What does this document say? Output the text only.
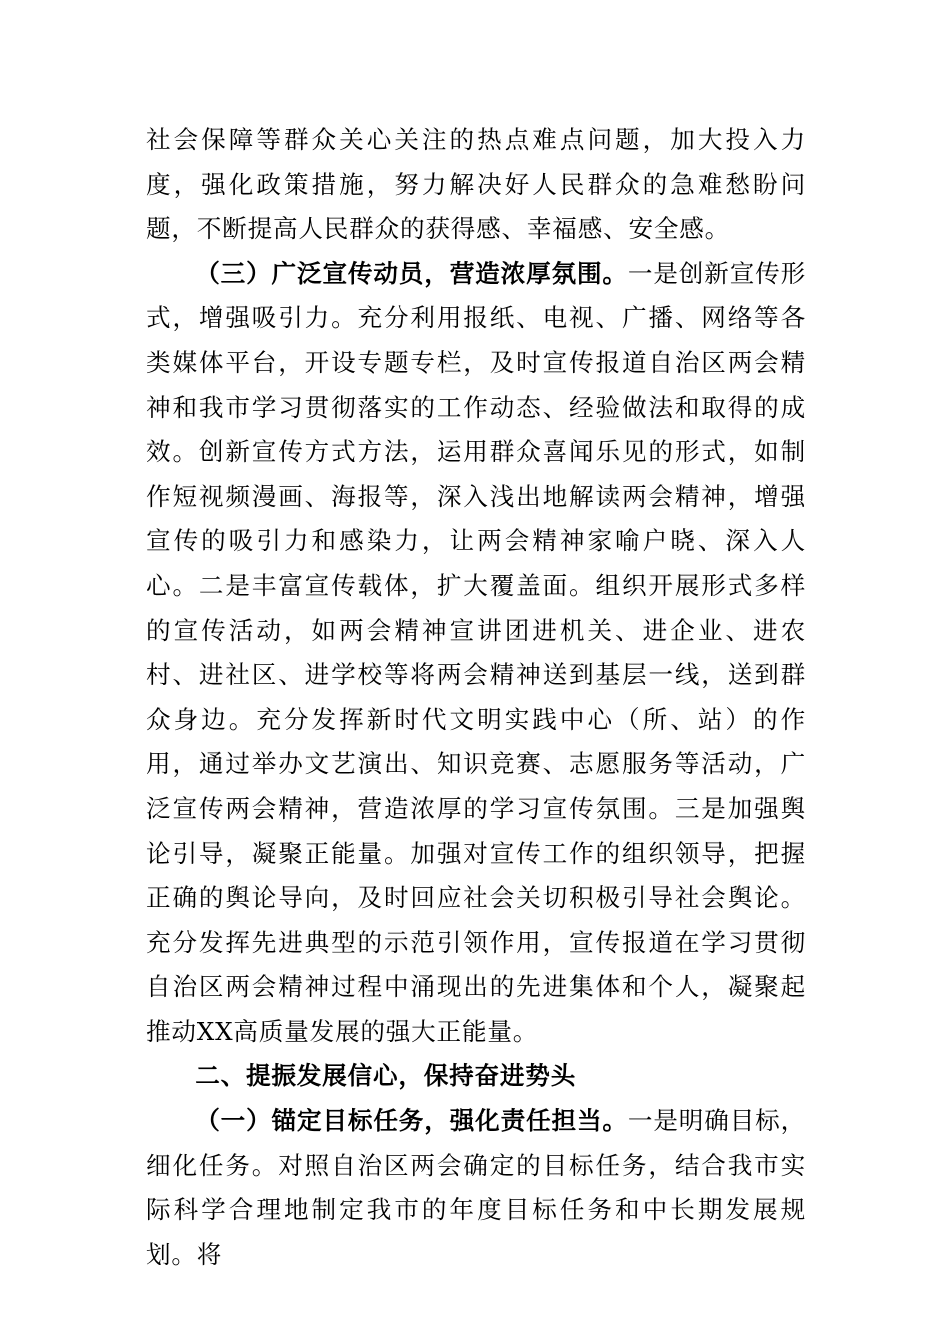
社会保障等群众关心关注的热点难点问题，加大投入力度，强化政策措施，努力解决好人民群众的急难愁盼问题，不断提高人民群众的获得感、幸福感、安全感。

（三）广泛宣传动员，营造浓厚氛围。一是创新宣传形式，增强吸引力。充分利用报纸、电视、广播、网络等各类媒体平台，开设专题专栏，及时宣传报道自治区两会精神和我市学习贯彻落实的工作动态、经验做法和取得的成效。创新宣传方式方法，运用群众喜闻乐见的形式，如制作短视频漫画、海报等，深入浅出地解读两会精神，增强宣传的吸引力和感染力，让两会精神家喻户晓、深入人心。二是丰富宣传载体，扩大覆盖面。组织开展形式多样的宣传活动，如两会精神宣讲团进机关、进企业、进农村、进社区、进学校等将两会精神送到基层一线，送到群众身边。充分发挥新时代文明实践中心（所、站）的作用，通过举办文艺演出、知识竞赛、志愿服务等活动，广泛宣传两会精神，营造浓厚的学习宣传氛围。三是加强舆论引导，凝聚正能量。加强对宣传工作的组织领导，把握正确的舆论导向，及时回应社会关切积极引导社会舆论。充分发挥先进典型的示范引领作用，宣传报道在学习贯彻自治区两会精神过程中涌现出的先进集体和个人，凝聚起推动XX高质量发展的强大正能量。

二、提振发展信心，保持奋进势头

（一）锚定目标任务，强化责任担当。一是明确目标，细化任务。对照自治区两会确定的目标任务，结合我市实际科学合理地制定我市的年度目标任务和中长期发展规划。将
